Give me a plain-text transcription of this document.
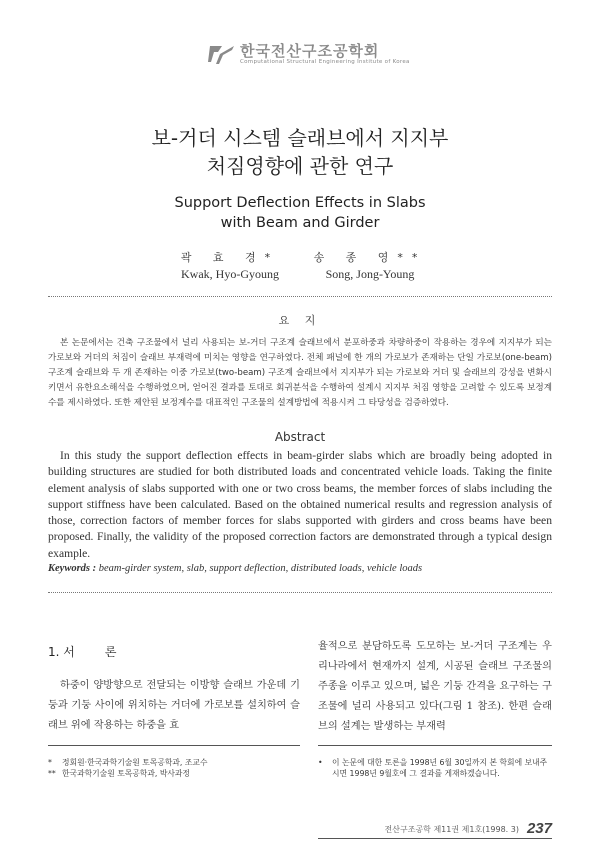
한국전산구조공학회
Computational Structural Engineering Institute of Korea
보-거더 시스템 슬래브에서 지지부
처짐영향에 관한 연구
Support Deflection Effects in Slabs
with Beam and Girder
곽 효 경*
Kwak, Hyo-Gyoung
송 종 영**
Song, Jong-Young
요 지

본 논문에서는 건축 구조물에서 널리 사용되는 보-거더 구조계 슬래브에서 분포하중과 차량하중이 작용하는 경우에 지지부가 되는 가로보와 거더의 처짐이 슬래브 부재력에 미치는 영향을 연구하였다. 전체 패널에 한 개의 가로보가 존재하는 단일 가로보(one-beam) 구조계 슬래브와 두 개 존재하는 이중 가로보(two-beam) 구조계 슬래브에서 지지부가 되는 가로보와 거더 및 슬래브의 강성을 변화시키면서 유한요소해석을 수행하였으며, 얻어진 결과를 토대로 회귀분석을 수행하여 설계시 지지부 처짐 영향을 고려할 수 있도록 보정계수를 제시하였다. 또한 제안된 보정계수를 대표적인 구조물의 설계방법에 적용시켜 그 타당성을 검증하였다.

Abstract

In this study the support deflection effects in beam-girder slabs which are broadly being adopted in building structures are studied for both distributed loads and concentrated vehicle loads. Taking the finite element analysis of slabs supported with one or two cross beams, the member forces of slabs including the support stiffness have been calculated. Based on the obtained numerical results and regression analysis of those, correction factors of member forces for slabs supported with girders and cross beams have been proposed. Finally, the validity of the proposed correction factors are demonstrated through a typical design example.

Keywords : beam-girder system, slab, support deflection, distributed loads, vehicle loads
1. 서	론

하중이 양방향으로 전달되는 이방향 슬래브 가운데 기둥과 기둥 사이에 위치하는 거더에 가로보를 설치하여 슬래브 위에 작용하는 하중을 효

율적으로 분담하도록 도모하는 보-거더 구조계는 우리나라에서 현재까지 설계, 시공된 슬래브 구조물의 주종을 이루고 있으며, 넓은 기둥 간격을 요구하는 구조물에 널리 사용되고 있다(그림 1 참조). 한편 슬래브의 설계는 발생하는 부재력

*	정회원·한국과학기술원 토목공학과, 조교수
** 한국과학기술원 토목공학과, 박사과정
•	이 논문에 대한 토론을 1998년 6월 30일까지 본 학회에 보내주시면 1998년 9월호에 그 결과를 게재하겠습니다.
전산구조공학 제11권 제1호(1998. 3) 237
